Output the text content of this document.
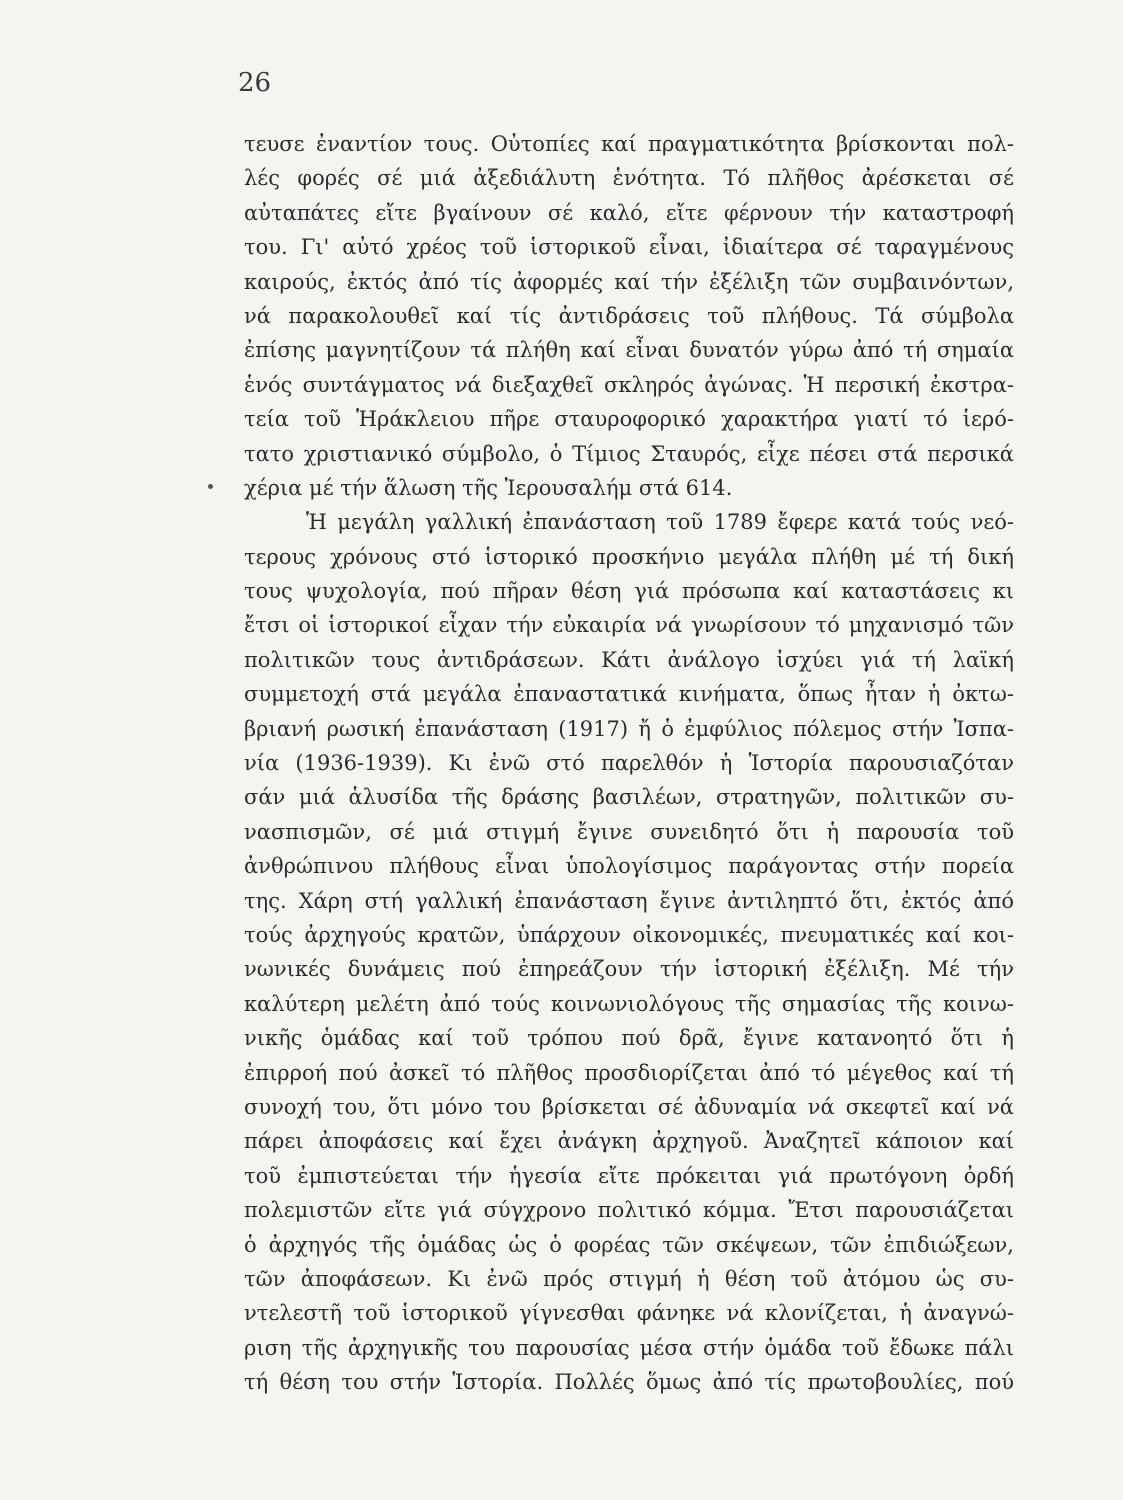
26
τευσε ἐναντίον τους. Οὐτοπίες καί πραγματικότητα βρίσκονται πολ-
λές φορές σέ μιά ἀξεδιάλυτη ἑνότητα. Τό πλῆθος ἀρέσκεται σέ
αὐταπάτες εἴτε βγαίνουν σέ καλό, εἴτε φέρνουν τήν καταστροφή
του. Γι' αὐτό χρέος τοῦ ἱστορικοῦ εἶναι, ἰδιαίτερα σέ ταραγμένους
καιρούς, ἐκτός ἀπό τίς ἀφορμές καί τήν ἐξέλιξη τῶν συμβαινόντων,
νά παρακολουθεῖ καί τίς ἀντιδράσεις τοῦ πλήθους. Τά σύμβολα
ἐπίσης μαγνητίζουν τά πλήθη καί εἶναι δυνατόν γύρω ἀπό τή σημαία
ἑνός συντάγματος νά διεξαχθεῖ σκληρός ἀγώνας. Ἡ περσική ἐκστρα-
τεία τοῦ Ἡράκλειου πῆρε σταυροφορικό χαρακτήρα γιατί τό ἱερό-
τατο χριστιανικό σύμβολο, ὁ Τίμιος Σταυρός, εἶχε πέσει στά περσικά
χέρια μέ τήν ἅλωση τῆς Ἱερουσαλήμ στά 614.
Ἡ μεγάλη γαλλική ἐπανάσταση τοῦ 1789 ἔφερε κατά τούς νεό-
τερους χρόνους στό ἱστορικό προσκήνιο μεγάλα πλήθη μέ τή δική
τους ψυχολογία, πού πῆραν θέση γιά πρόσωπα καί καταστάσεις κι
ἔτσι οἱ ἱστορικοί εἶχαν τήν εὐκαιρία νά γνωρίσουν τό μηχανισμό τῶν
πολιτικῶν τους ἀντιδράσεων. Κάτι ἀνάλογο ἰσχύει γιά τή λαϊκή
συμμετοχή στά μεγάλα ἐπαναστατικά κινήματα, ὅπως ἦταν ἡ ὀκτω-
βριανή ρωσική ἐπανάσταση (1917) ἤ ὁ ἐμφύλιος πόλεμος στήν Ἰσπα-
νία (1936-1939). Κι ἐνῶ στό παρελθόν ἡ Ἱστορία παρουσιαζόταν
σάν μιά ἁλυσίδα τῆς δράσης βασιλέων, στρατηγῶν, πολιτικῶν συ-
νασπισμῶν, σέ μιά στιγμή ἔγινε συνειδητό ὅτι ἡ παρουσία τοῦ
ἀνθρώπινου πλήθους εἶναι ὑπολογίσιμος παράγοντας στήν πορεία
της. Χάρη στή γαλλική ἐπανάσταση ἔγινε ἀντιληπτό ὅτι, ἐκτός ἀπό
τούς ἀρχηγούς κρατῶν, ὑπάρχουν οἰκονομικές, πνευματικές καί κοι-
νωνικές δυνάμεις πού ἐπηρεάζουν τήν ἱστορική ἐξέλιξη. Μέ τήν
καλύτερη μελέτη ἀπό τούς κοινωνιολόγους τῆς σημασίας τῆς κοινω-
νικῆς ὁμάδας καί τοῦ τρόπου πού δρᾶ, ἔγινε κατανοητό ὅτι ἡ
ἐπιρροή πού ἀσκεῖ τό πλῆθος προσδιορίζεται ἀπό τό μέγεθος καί τή
συνοχή του, ὅτι μόνο του βρίσκεται σέ ἀδυναμία νά σκεφτεῖ καί νά
πάρει ἀποφάσεις καί ἔχει ἀνάγκη ἀρχηγοῦ. Ἀναζητεῖ κάποιον καί
τοῦ ἐμπιστεύεται τήν ἡγεσία εἴτε πρόκειται γιά πρωτόγονη ὀρδή
πολεμιστῶν εἴτε γιά σύγχρονο πολιτικό κόμμα. Ἔτσι παρουσιάζεται
ὁ ἀρχηγός τῆς ὁμάδας ὡς ὁ φορέας τῶν σκέψεων, τῶν ἐπιδιώξεων,
τῶν ἀποφάσεων. Κι ἐνῶ πρός στιγμή ἡ θέση τοῦ ἀτόμου ὡς συ-
ντελεστῆ τοῦ ἱστορικοῦ γίγνεσθαι φάνηκε νά κλονίζεται, ἡ ἀναγνώ-
ριση τῆς ἀρχηγικῆς του παρουσίας μέσα στήν ὁμάδα τοῦ ἔδωκε πάλι
τή θέση του στήν Ἱστορία. Πολλές ὅμως ἀπό τίς πρωτοβουλίες, πού
